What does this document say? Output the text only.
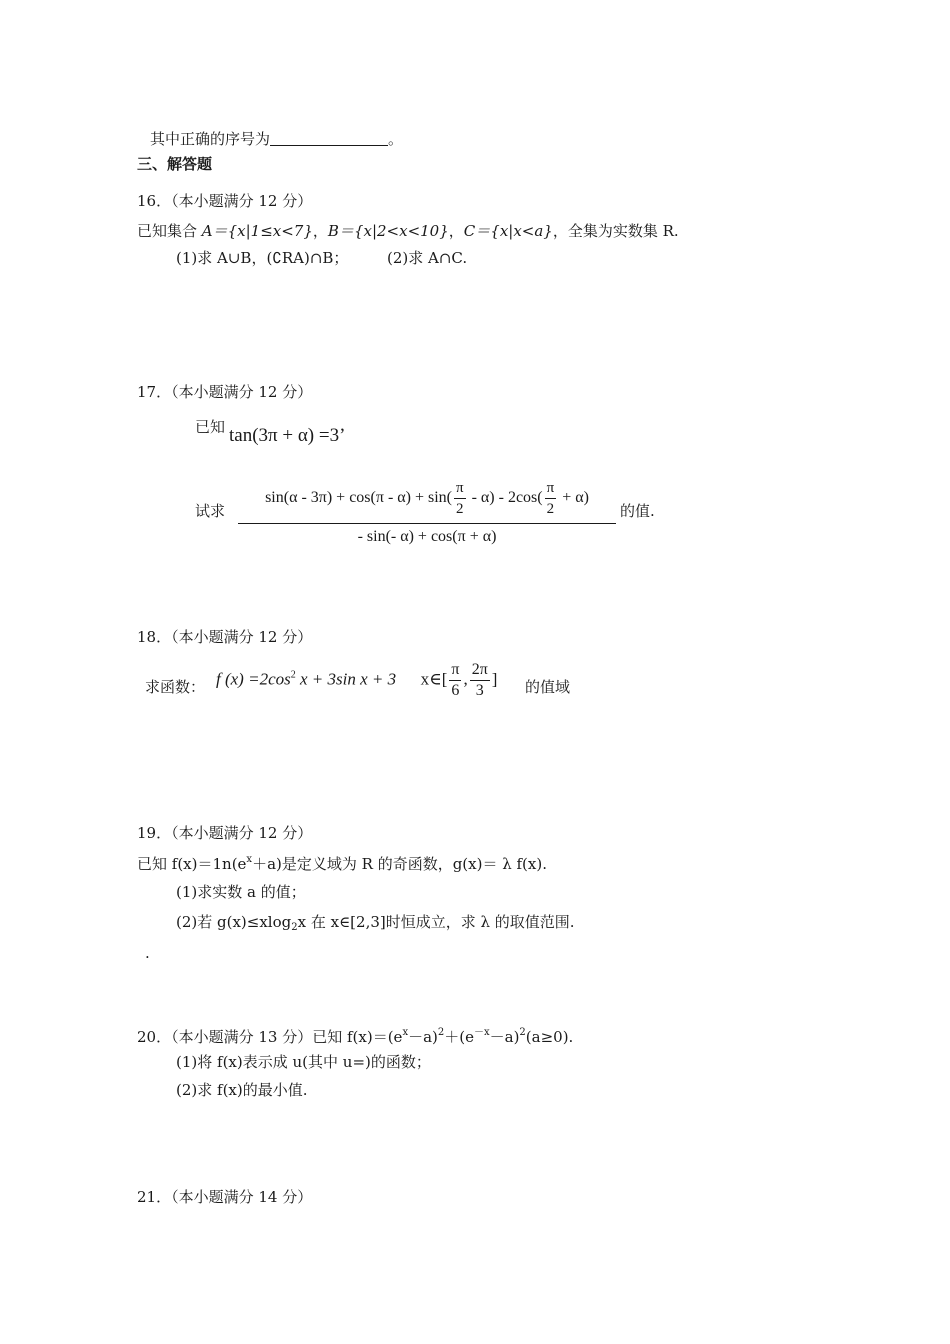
其中正确的序号为	。
三、解答题
16．（本小题满分 12 分）
已知集合 A＝{x|1≤x<7}，B＝{x|2<x<10}，C＝{x|x<a}，全集为实数集 R.
(1)求 A∪B，(∁RA)∩B；	(2)求 A∩C.
17．（本小题满分 12 分）
已知 tan(3π + α) =3’
试求 $\frac{\sin(\alpha - 3\pi) + \cos(\pi - \alpha) + \sin( \frac{\pi}{2} - \alpha) - 2\cos( \frac{\pi}{2} + \alpha)}{- \sin(- \alpha) + \cos(\pi + \alpha)}$ 的值.
18．（本小题满分 12 分）
求函数： f $(x) =2\cos^2$ x + 3sin x + 3 x∈[ $\frac{\pi}{6}$ , $\frac{2\pi}{3}$ ] 的值域
19．（本小题满分 12 分）
已知 $f(x)=1n(e^x+a)$是定义域为 R 的奇函数，g(x)＝ λ f(x).
(1)求实数 a 的值；
(2)若 g(x)≤xlog$_2$x 在 x∈[2,3]时恒成立，求 λ 的取值范围.
.
20．（本小题满分 13 分）已知 $f(x)=(e^x-a)^2+(e^{-x}-a)^2(a\ge 0)$.
(1)将 f(x)表示成 u(其中 u=)的函数；
(2)求 f(x)的最小值.
21．（本小题满分 14 分）
